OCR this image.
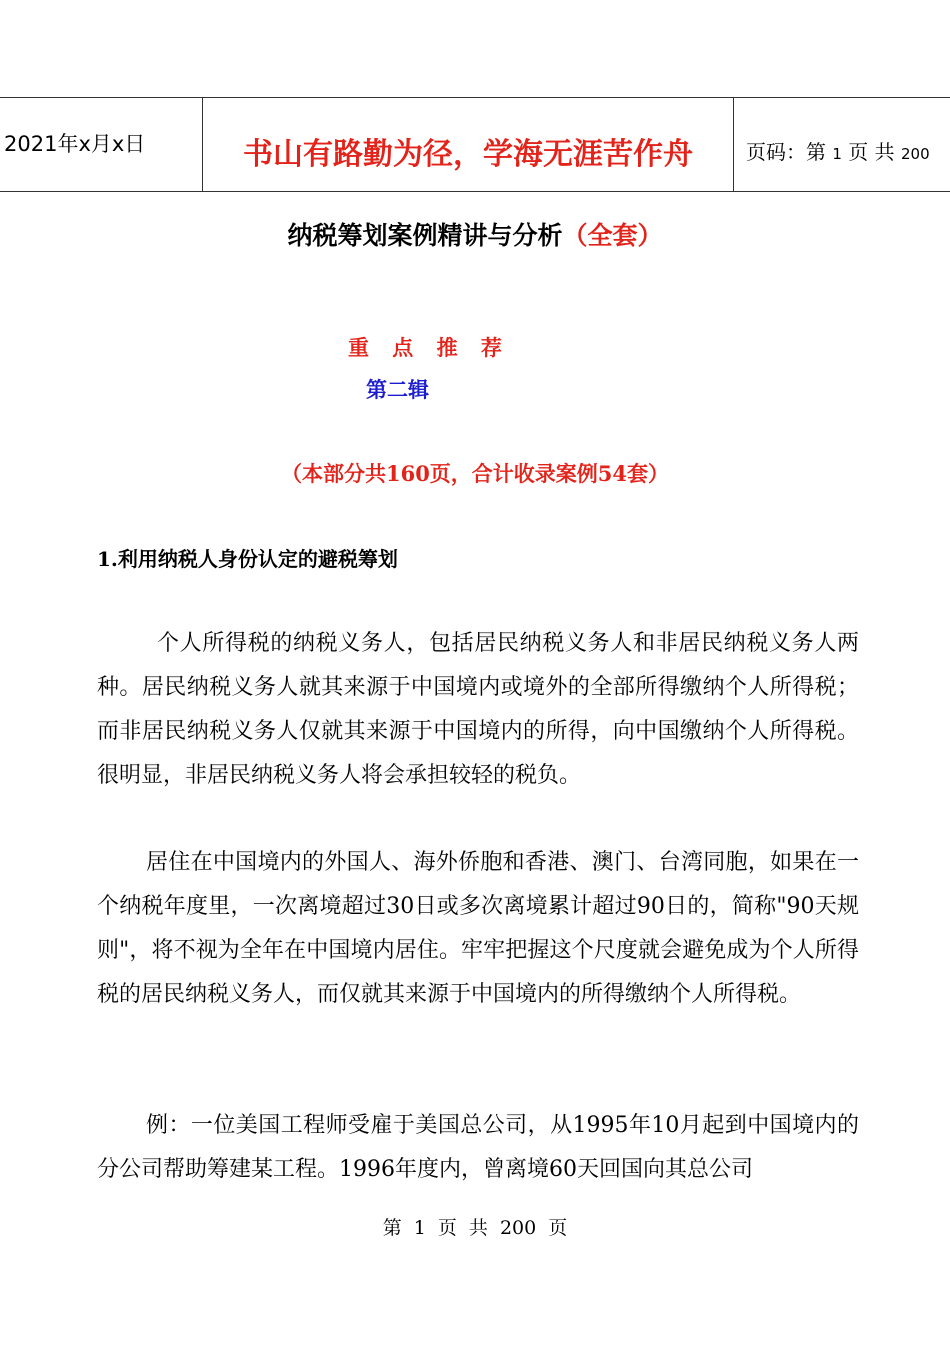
2021年x月x日	书山有路勤为径，学海无涯苦作舟	页码：第 1 页 共 200
纳税筹划案例精讲与分析（全套）
重 点 推 荐
第二辑
（本部分共160页，合计收录案例54套）
1.利用纳税人身份认定的避税筹划

个人所得税的纳税义务人，包括居民纳税义务人和非居民纳税义务人两种。居民纳税义务人就其来源于中国境内或境外的全部所得缴纳个人所得税；而非居民纳税义务人仅就其来源于中国境内的所得，向中国缴纳个人所得税。很明显，非居民纳税义务人将会承担较轻的税负。

居住在中国境内的外国人、海外侨胞和香港、澳门、台湾同胞，如果在一个纳税年度里，一次离境超过30日或多次离境累计超过90日的，简称"90天规则"，将不视为全年在中国境内居住。牢牢把握这个尺度就会避免成为个人所得税的居民纳税义务人，而仅就其来源于中国境内的所得缴纳个人所得税。

例：一位美国工程师受雇于美国总公司，从1995年10月起到中国境内的分公司帮助筹建某工程。1996年度内，曾离境60天回国向其总公司

第 1 页 共 200 页
